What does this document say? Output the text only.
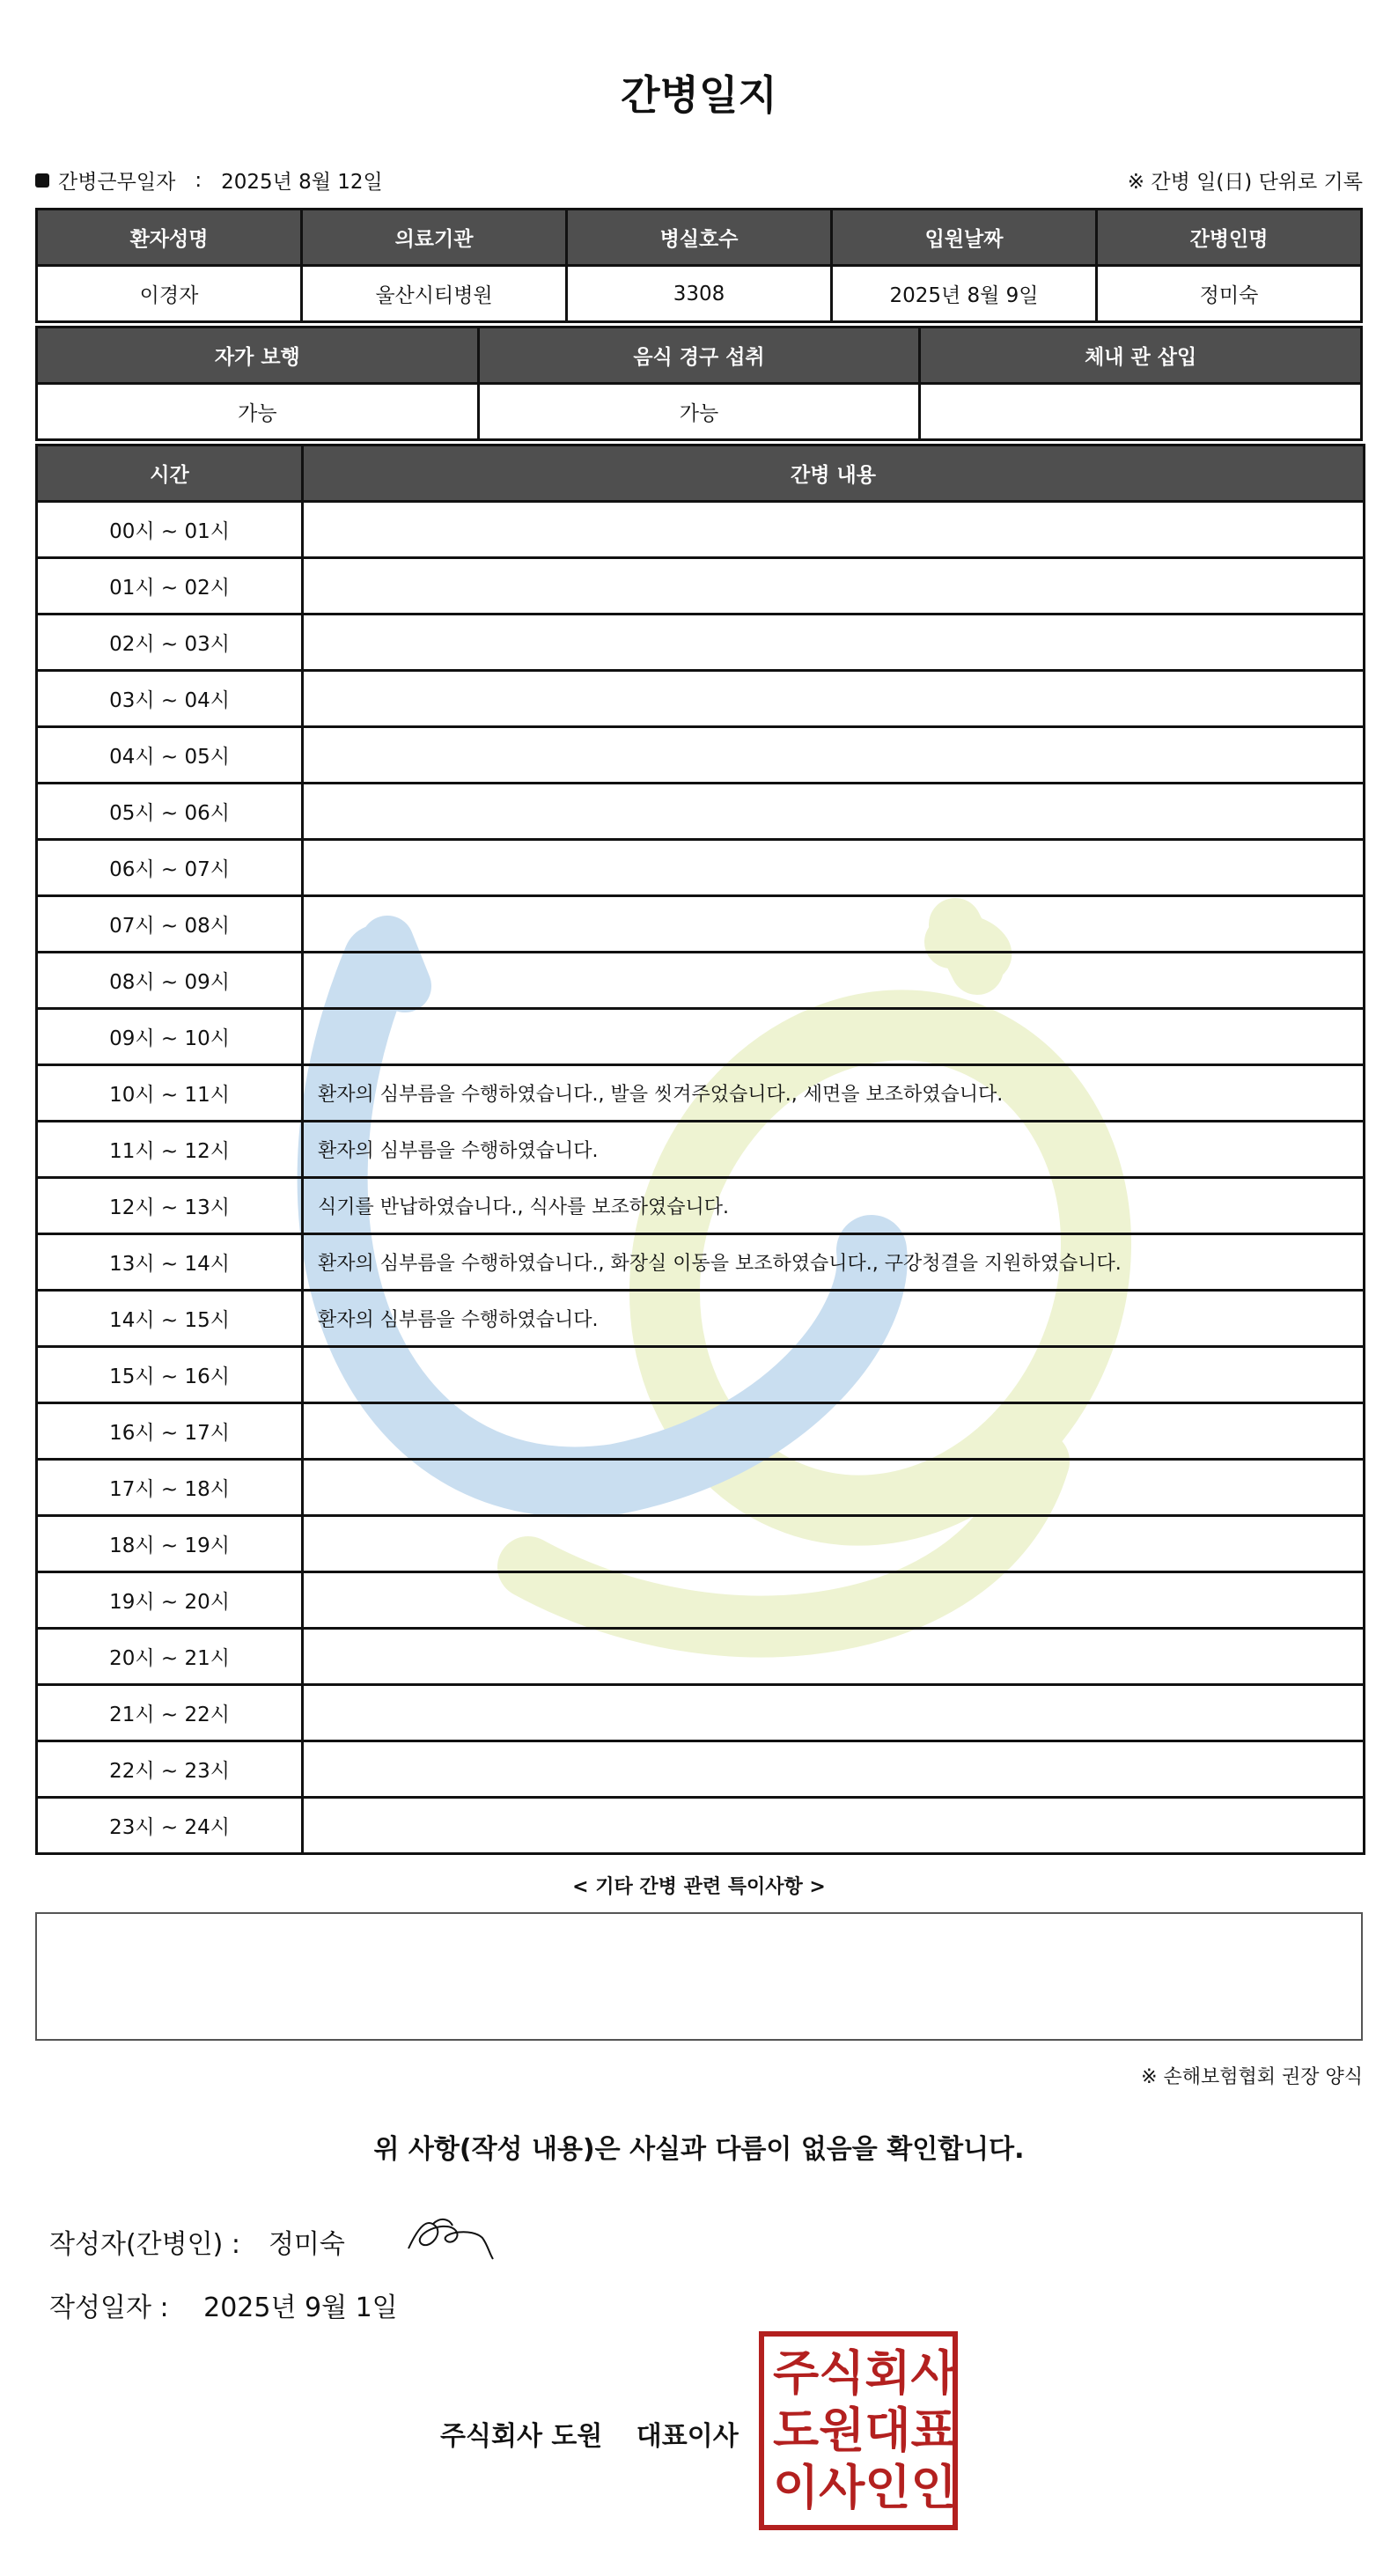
간병일지
간병근무일자 : 2025년 8월 12일	※ 간병 일(日) 단위로 기록
환자성명	의료기관	병실호수	입원날짜	간병인명
이경자	울산시티병원	3308	2025년 8월 9일	정미숙
자가 보행	음식 경구 섭취	체내 관 삽입
가능	가능	
시간	간병 내용
00시 ~ 01시	
01시 ~ 02시	
02시 ~ 03시	
03시 ~ 04시	
04시 ~ 05시	
05시 ~ 06시	
06시 ~ 07시	
07시 ~ 08시	
08시 ~ 09시	
09시 ~ 10시	
10시 ~ 11시	환자의 심부름을 수행하였습니다., 발을 씻겨주었습니다., 세면을 보조하였습니다.
11시 ~ 12시	환자의 심부름을 수행하였습니다.
12시 ~ 13시	식기를 반납하였습니다., 식사를 보조하였습니다.
13시 ~ 14시	환자의 심부름을 수행하였습니다., 화장실 이동을 보조하였습니다., 구강청결을 지원하였습니다.
14시 ~ 15시	환자의 심부름을 수행하였습니다.
15시 ~ 16시	
16시 ~ 17시	
17시 ~ 18시	
18시 ~ 19시	
19시 ~ 20시	
20시 ~ 21시	
21시 ~ 22시	
22시 ~ 23시	
23시 ~ 24시	
< 기타 간병 관련 특이사항 >
※ 손해보험협회 권장 양식
위 사항(작성 내용)은 사실과 다름이 없음을 확인합니다.
작성자(간병인) : 정미숙
작성일자 : 2025년 9월 1일
주식회사 도원 대표이사
주 식 회 사
도 원 대 표
이 사 인 인
